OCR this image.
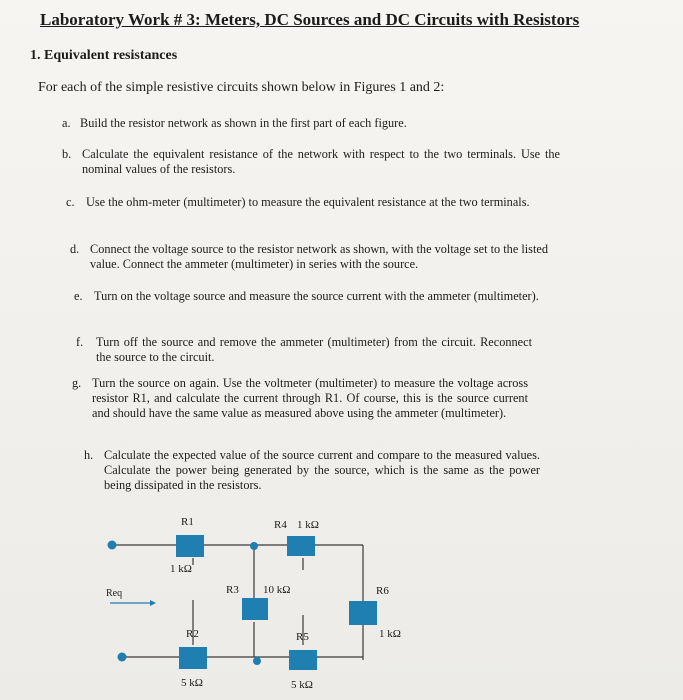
Laboratory Work # 3: Meters, DC Sources and DC Circuits with Resistors
1. Equivalent resistances
For each of the simple resistive circuits shown below in Figures 1 and 2:
a. Build the resistor network as shown in the first part of each figure.
b. Calculate the equivalent resistance of the network with respect to the two terminals. Use the nominal values of the resistors.
c. Use the ohm-meter (multimeter) to measure the equivalent resistance at the two terminals.
d. Connect the voltage source to the resistor network as shown, with the voltage set to the listed value. Connect the ammeter (multimeter) in series with the source.
e. Turn on the voltage source and measure the source current with the ammeter (multimeter).
f. Turn off the source and remove the ammeter (multimeter) from the circuit. Reconnect the source to the circuit.
g. Turn the source on again. Use the voltmeter (multimeter) to measure the voltage across resistor R1, and calculate the current through R1. Of course, this is the source current and should have the same value as measured above using the ammeter (multimeter).
h. Calculate the expected value of the source current and compare to the measured values. Calculate the power being generated by the source, which is the same as the power being dissipated in the resistors.
R1
1 kΩ
R2
5 kΩ
R3 10 kΩ
R4 1 kΩ
R5
5 kΩ
R6
1 kΩ
Req
